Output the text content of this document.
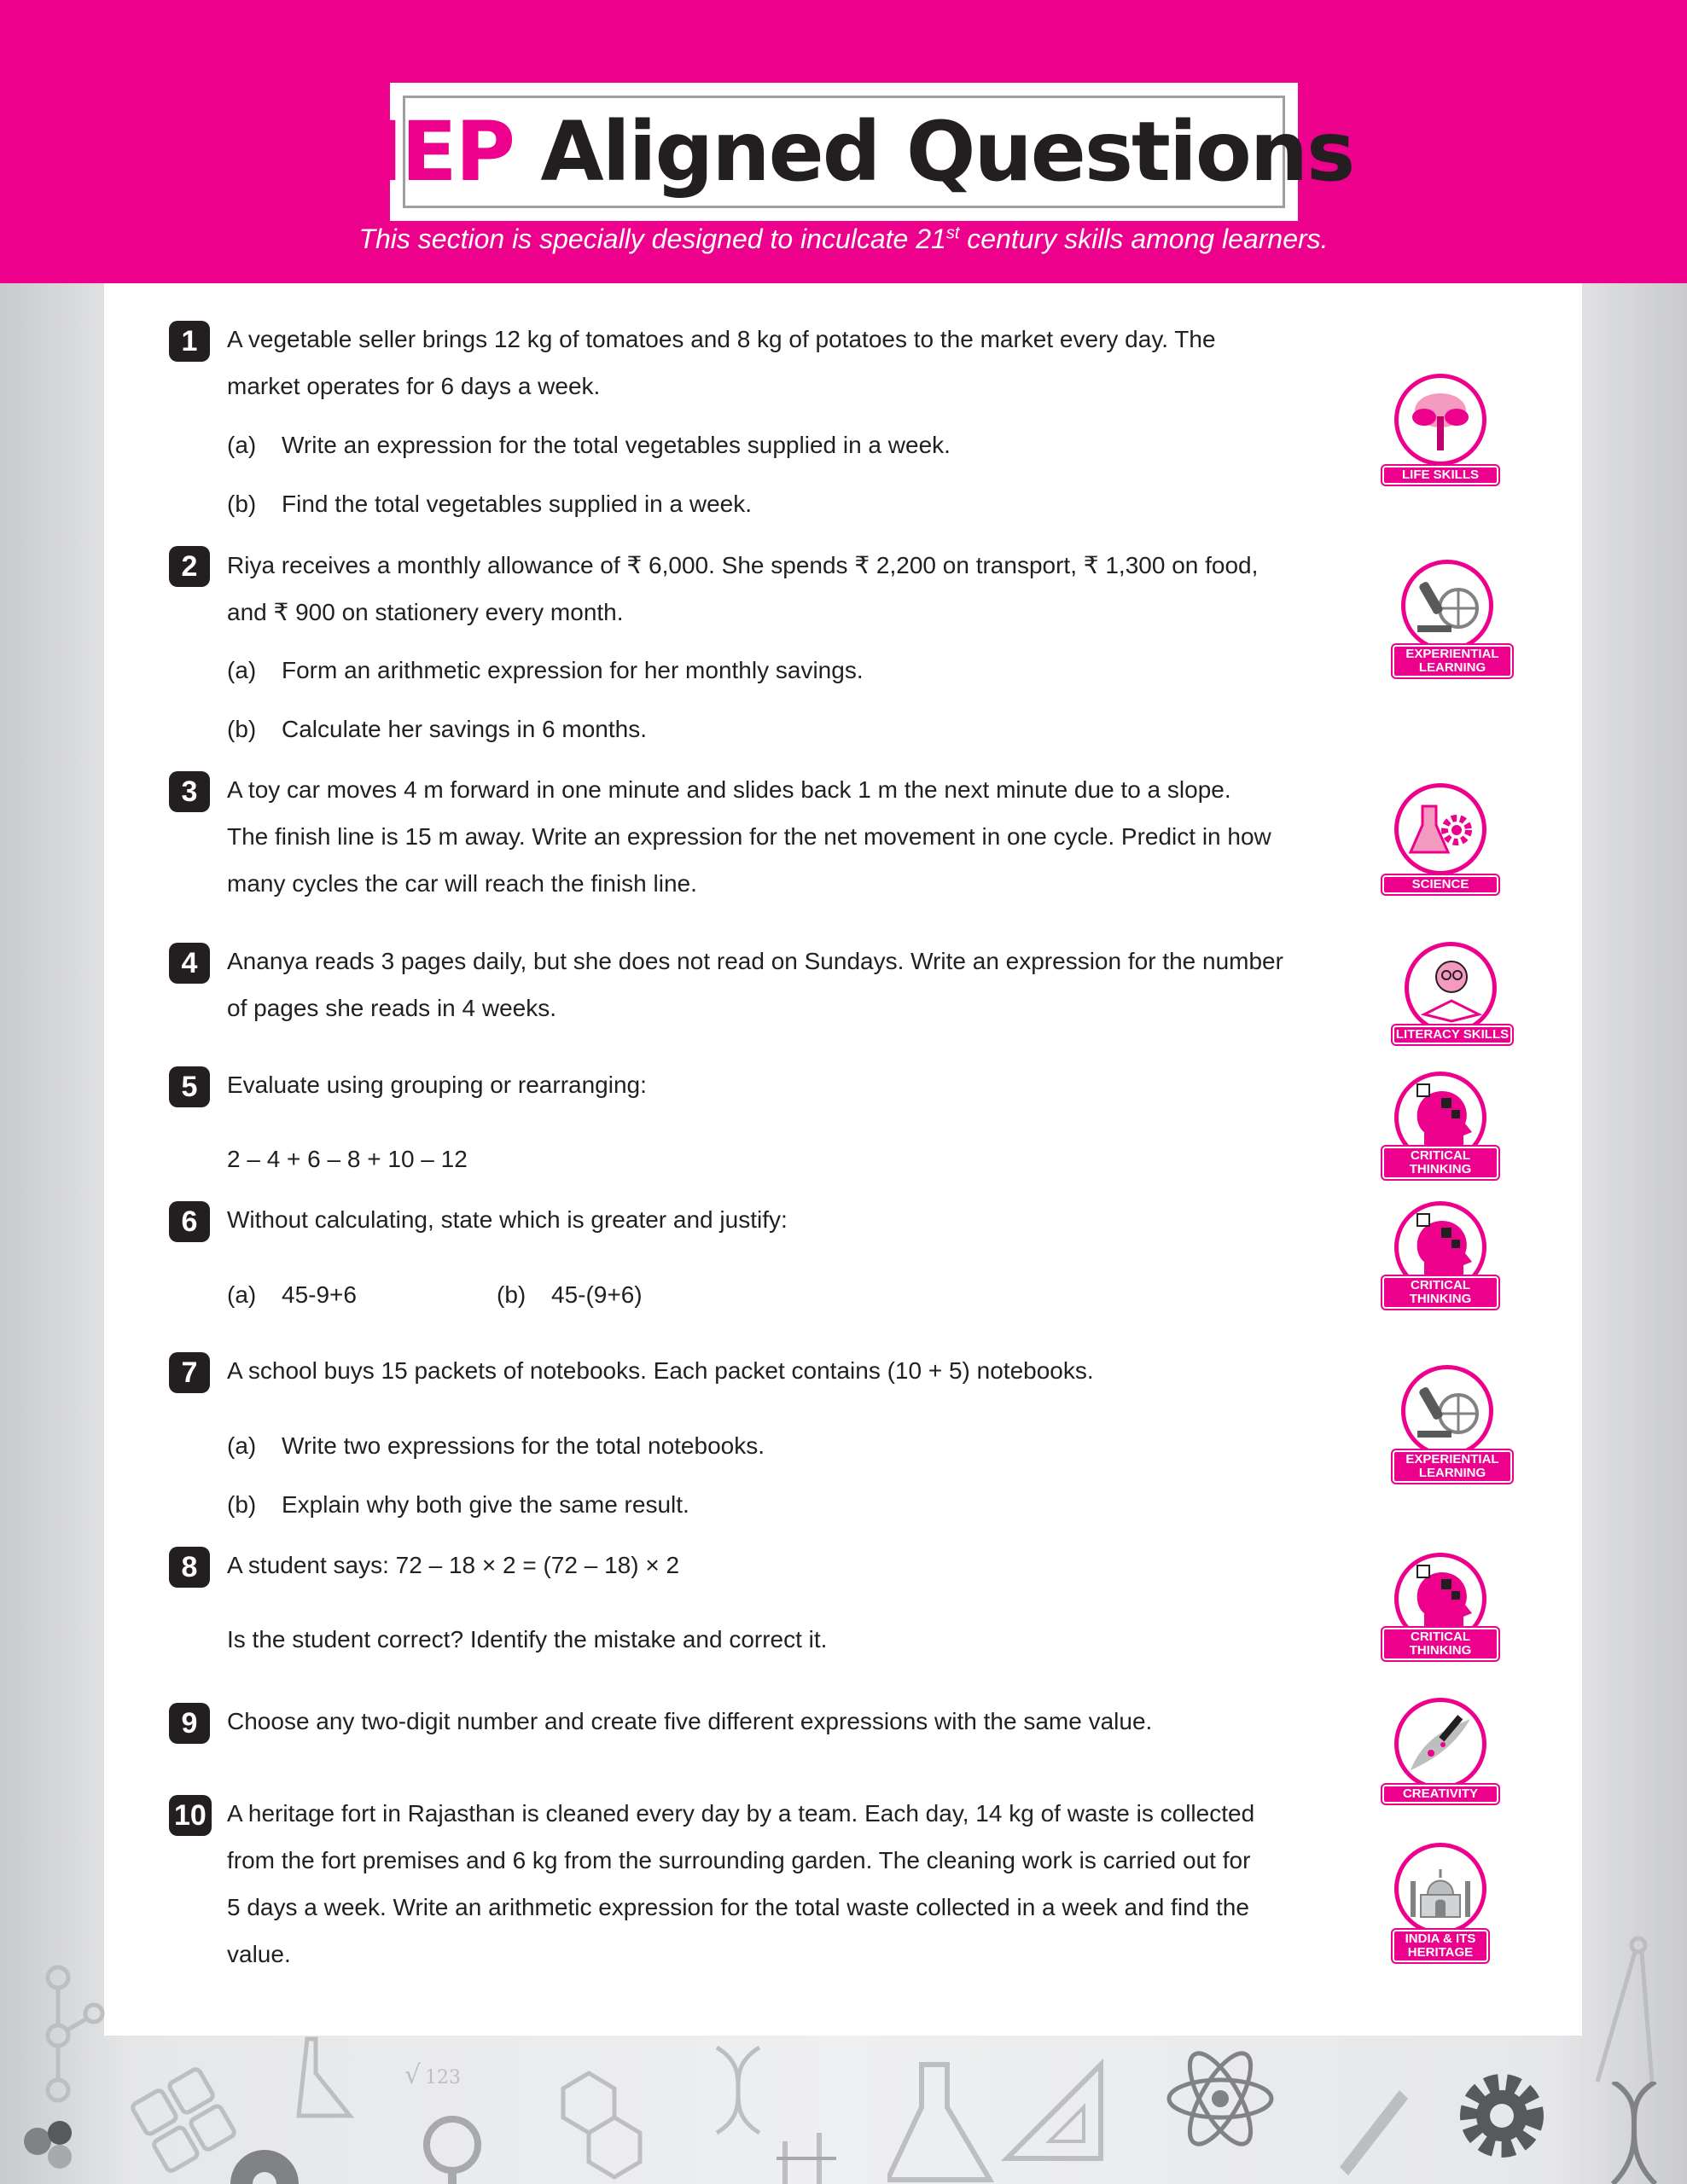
NEP Aligned Questions
This section is specially designed to inculcate 21st century skills among learners.
1	A vegetable seller brings 12 kg of tomatoes and 8 kg of potatoes to the market every day. The
market operates for 6 days a week.
(a) Write an expression for the total vegetables supplied in a week.
(b) Find the total vegetables supplied in a week.
2	Riya receives a monthly allowance of ₹ 6,000. She spends ₹ 2,200 on transport, ₹ 1,300 on food,
and ₹ 900 on stationery every month.
(a) Form an arithmetic expression for her monthly savings.
(b) Calculate her savings in 6 months.
3	A toy car moves 4 m forward in one minute and slides back 1 m the next minute due to a slope.
The finish line is 15 m away. Write an expression for the net movement in one cycle. Predict in how
many cycles the car will reach the finish line.
4	Ananya reads 3 pages daily, but she does not read on Sundays. Write an expression for the number
of pages she reads in 4 weeks.
5	Evaluate using grouping or rearranging:
2 – 4 + 6 – 8 + 10 – 12
6	Without calculating, state which is greater and justify:
(a) 45-9+6	(b) 45-(9+6)
7	A school buys 15 packets of notebooks. Each packet contains (10 + 5) notebooks.
(a) Write two expressions for the total notebooks.
(b) Explain why both give the same result.
8	A student says: 72 – 18 × 2 = (72 – 18) × 2
Is the student correct? Identify the mistake and correct it.
9	Choose any two-digit number and create five different expressions with the same value.
10 A heritage fort in Rajasthan is cleaned every day by a team. Each day, 14 kg of waste is collected
from the fort premises and 6 kg from the surrounding garden. The cleaning work is carried out for
5 days a week. Write an arithmetic expression for the total waste collected in a week and find the
value.
LIFE SKILLS
EXPERIENTIAL LEARNING
SCIENCE
LITERACY SKILLS
CRITICAL THINKING
CRITICAL THINKING
EXPERIENTIAL LEARNING
CRITICAL THINKING
CREATIVITY
INDIA & ITS HERITAGE
√ 123
